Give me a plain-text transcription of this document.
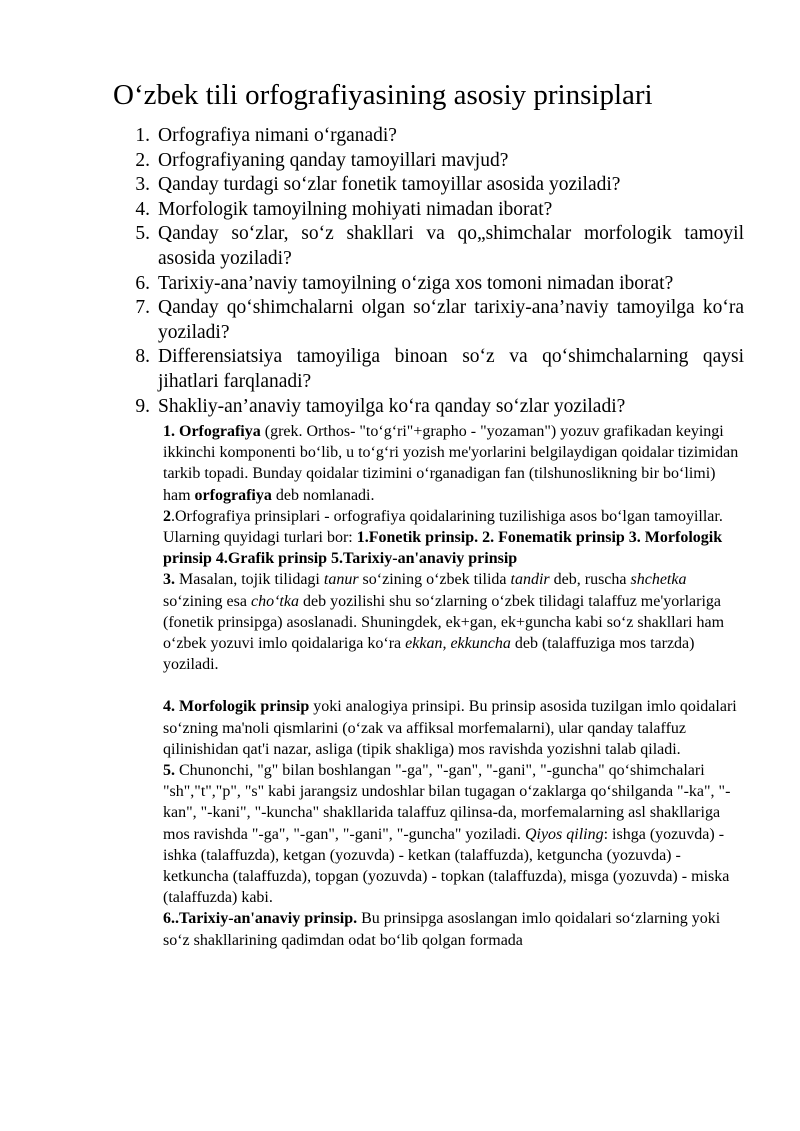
O‘zbek tili orfografiyasining asosiy prinsiplari
1 . Orfografiya nimani o‘rganadi?
2 . Orfografiyaning qanday tamoyillari mavjud?
3 . Qanday turdagi so‘zlar fonetik tamoyillar asosida yoziladi?
4 . Morfologik tamoyilning mohiyati nimadan iborat?
5 . Qanday so‘zlar, so‘z shakllari va qo„shimchalar morfologik tamoyil asosida yoziladi?
6 . Tarixiy-ana’naviy tamoyilning o‘ziga xos tomoni nimadan iborat?
7 . Qanday qo‘shimchalarni olgan so‘zlar tarixiy-ana’naviy tamoyilga ko‘ra yoziladi?
8 . Differensiatsiya tamoyiliga binoan so‘z va qo‘shimchalarning qaysi jihatlari farqlanadi?
9 . Shakliy-an’anaviy tamoyilga ko‘ra qanday so‘zlar yoziladi?

1. Orfografiya (grek. Orthos- "to‘g‘ri"+grapho - "yozaman") yozuv grafikadan keyingi ikkinchi komponenti bo‘lib, u to‘g‘ri yozish me'yorlarini belgilaydigan qoidalar tizimidan tarkib topadi. Bunday qoidalar tizimini o‘rganadigan fan (tilshunoslikning bir bo‘limi) ham orfografiya deb nomlanadi.

2.Orfografiya prinsiplari - orfografiya qoidalarining tuzilishiga asos bo‘lgan tamoyillar. Ularning quyidagi turlari bor: 1.Fonetik prinsip. 2. Fonematik prinsip 3. Morfologik prinsip 4.Grafik prinsip 5.Tarixiy-an'anaviy prinsip

3. Masalan, tojik tilidagi tanur so‘zining o‘zbek tilida tandir deb, ruscha shchetka so‘zining esa cho‘tka deb yozilishi shu so‘zlarning o‘zbek tilidagi talaffuz me'yorlariga (fonetik prinsipga) asoslanadi. Shuningdek, ek+gan, ek+guncha kabi so‘z shakllari ham o‘zbek yozuvi imlo qoidalariga ko‘ra ekkan, ekkuncha deb (talaffuziga mos tarzda) yoziladi.

4. Morfologik prinsip yoki analogiya prinsipi. Bu prinsip asosida tuzilgan imlo qoidalari so‘zning ma'noli qismlarini (o‘zak va affiksal morfemalarni), ular qanday talaffuz qilinishidan qat'i nazar, asliga (tipik shakliga) mos ravishda yozishni talab qiladi.

5. Chunonchi, "g" bilan boshlangan "-ga", "-gan", "-gani", "-guncha" qo‘shimchalari "sh","t","p", "s" kabi jarangsiz undoshlar bilan tugagan o‘zaklarga qo‘shilganda "-ka", "-kan", "-kani", "-kuncha" shakllarida talaffuz qilinsa-da, morfemalarning asl shakllariga mos ravishda "-ga", "-gan", "-gani", "-guncha" yoziladi. Qiyos qiling: ishga (yozuvda) - ishka (talaffuzda), ketgan (yozuvda) - ketkan (talaffuzda), ketguncha (yozuvda) - ketkuncha (talaffuzda), topgan (yozuvda) - topkan (talaffuzda), misga (yozuvda) - miska (talaffuzda) kabi.

6..Tarixiy-an'anaviy prinsip. Bu prinsipga asoslangan imlo qoidalari so‘zlarning yoki so‘z shakllarining qadimdan odat bo‘lib qolgan formada
